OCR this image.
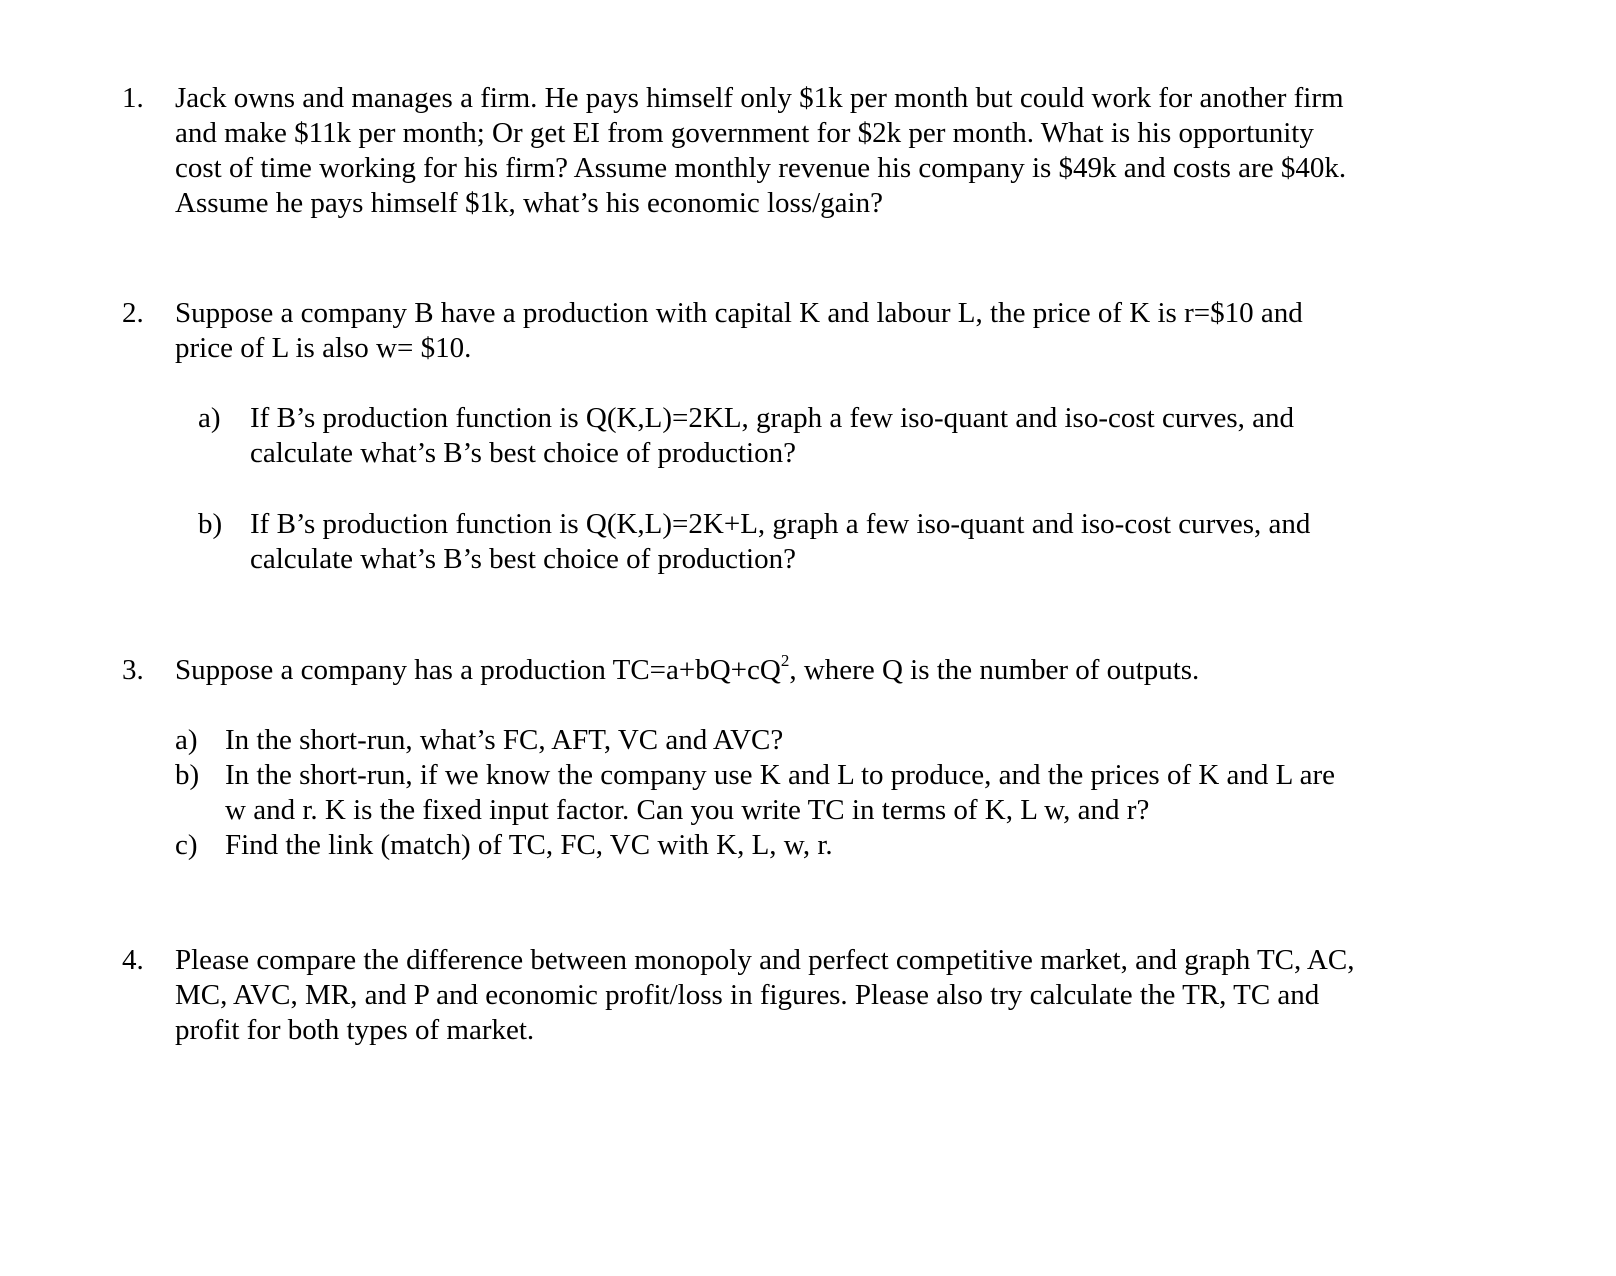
1. Jack owns and manages a firm. He pays himself only $1k per month but could work for another firm
and make $11k per month; Or get EI from government for $2k per month. What is his opportunity
cost of time working for his firm? Assume monthly revenue his company is $49k and costs are $40k.
Assume he pays himself $1k, what’s his economic loss/gain?
2. Suppose a company B have a production with capital K and labour L, the price of K is r=$10 and
price of L is also w= $10.
a) If B’s production function is Q(K,L)=2KL, graph a few iso-quant and iso-cost curves, and
calculate what’s B’s best choice of production?
b) If B’s production function is Q(K,L)=2K+L, graph a few iso-quant and iso-cost curves, and
calculate what’s B’s best choice of production?
3. Suppose a company has a production $TC=a+bQ+cQ^2$, where Q is the number of outputs.
a) In the short-run, what’s FC, AFT, VC and AVC?
b) In the short-run, if we know the company use K and L to produce, and the prices of K and L are
w and r. K is the fixed input factor. Can you write TC in terms of K, L w, and r?
c) Find the link (match) of TC, FC, VC with K, L, w, r.
4. Please compare the difference between monopoly and perfect competitive market, and graph TC, AC,
MC, AVC, MR, and P and economic profit/loss in figures. Please also try calculate the TR, TC and
profit for both types of market.
